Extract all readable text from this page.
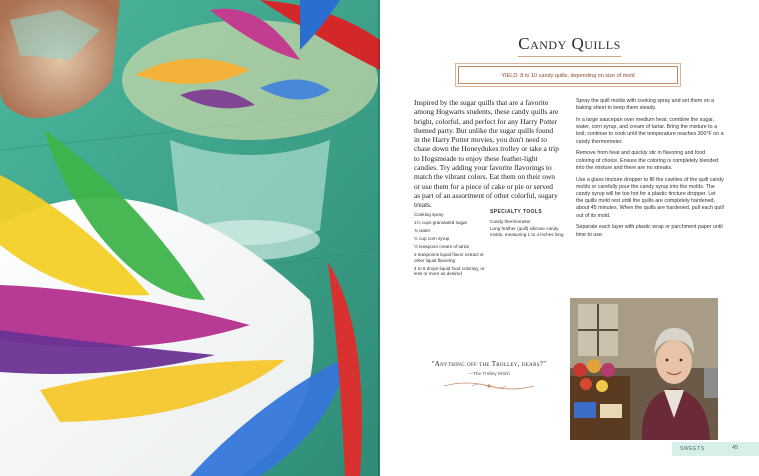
Candy Quills
YIELD: 8 to 10 candy quills, depending on size of mold

Inspired by the sugar quills that are a favorite among Hogwarts students, these candy quills are bright, colorful, and perfect for any Harry Potter themed party. But unlike the sugar quills found in the Harry Potter movies, you don't need to chase down the Honeydukes trolley or take a trip to Hogsmeade to enjoy these feather-light candies. Try adding your favorite flavorings to match the vibrant colors. Eat them on their own or use them for a piece of cake or pie or served as part of an assortment of other colorful, sugary treats.

Cooking spray
1½ cups granulated sugar
¾ water
½ cup corn syrup
½ teaspoon cream of tartar
2 teaspoons liquid flavor extract or other liquid flavoring
4 to 6 drops liquid food coloring, or less or more as desired
SPECIALTY TOOLS
Candy thermometer
Long feather (quill) silicone candy molds, measuring 1 to 4 inches long

Spray the quill molds with cooking spray and set them on a baking sheet to keep them steady.

In a large saucepan over medium heat, combine the sugar, water, corn syrup, and cream of tartar. Bring the mixture to a boil; continue to cook until the temperature reaches 300°F on a candy thermometer.

Remove from heat and quickly stir in flavoring and food coloring of choice. Ensure the coloring is completely blended into the mixture and there are no streaks.

Use a glass tincture dropper to fill the cavities of the quill candy molds or carefully pour the candy syrup into the molds. The candy syrup will be too hot for a plastic tincture dropper. Let the quills mold rest until the quills are completely hardened, about 45 minutes. When the quills are hardened, pull each quill out of its mold.

Separate each layer with plastic wrap or parchment paper until time to use.

"Anything off the Trolley, dears?"
—The Trolley Witch
SWEETS	45
